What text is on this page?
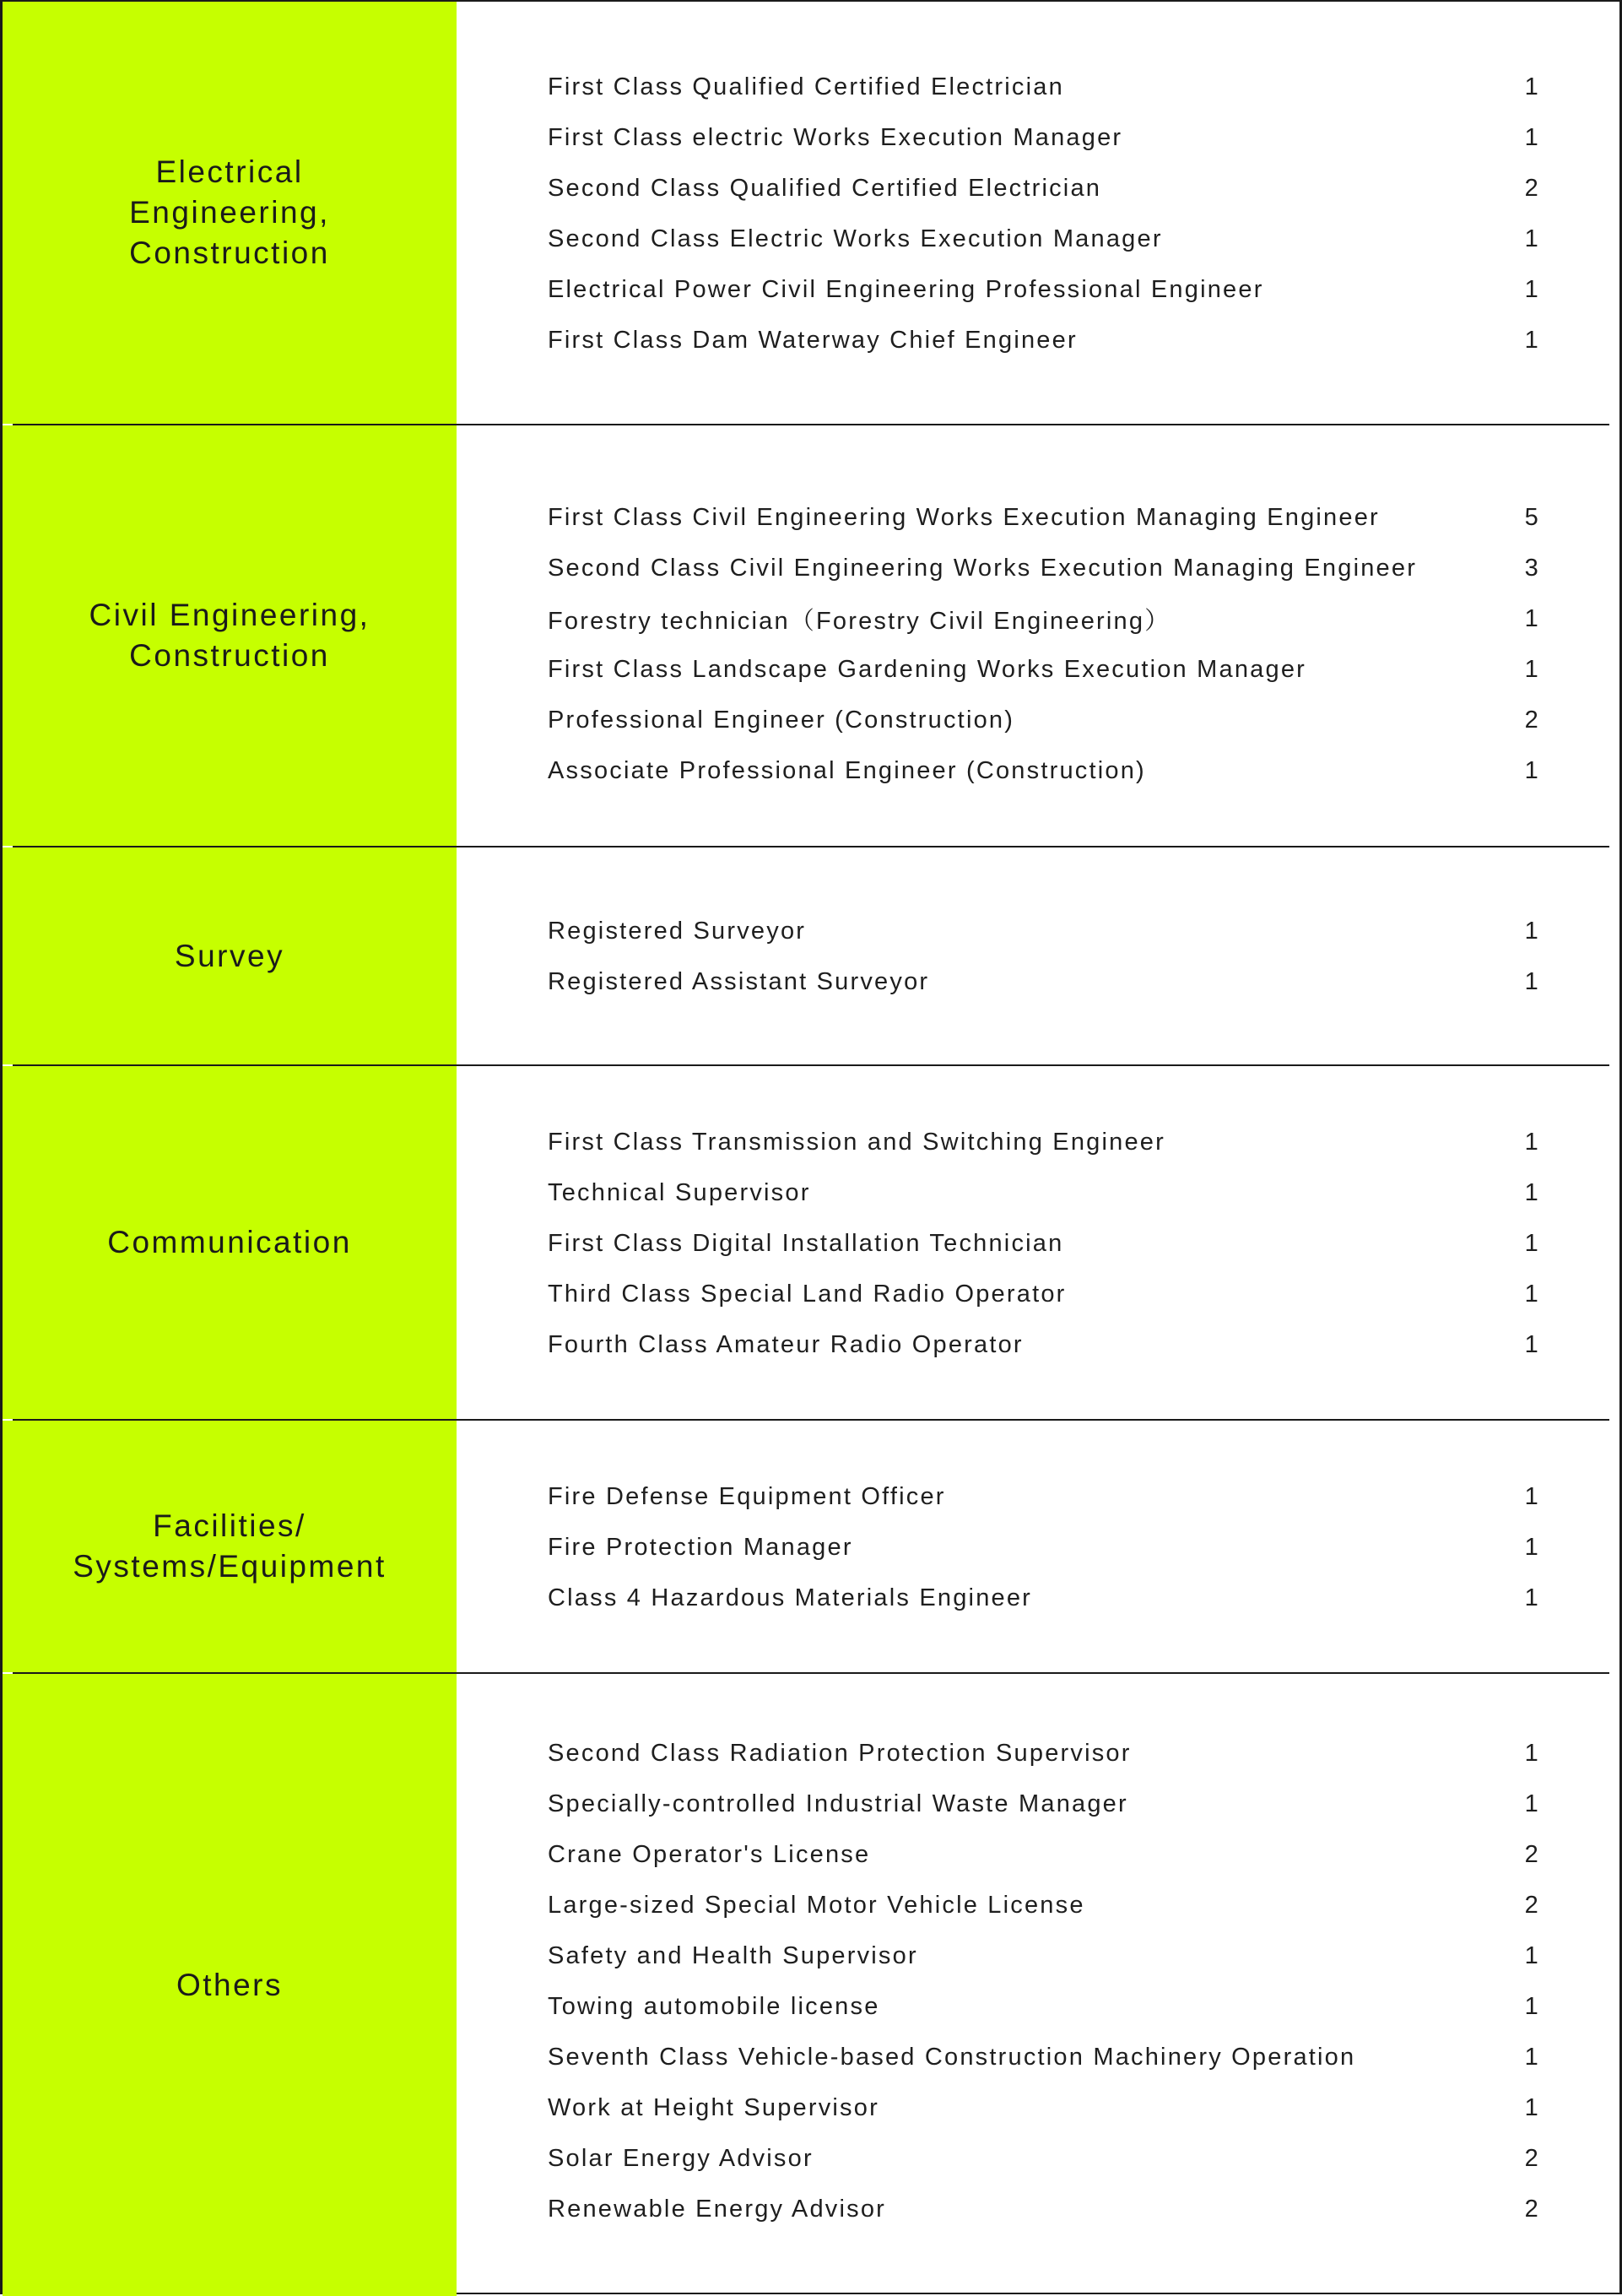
Electrical
Engineering,
Construction
First Class Qualified Certified Electrician	1
First Class electric Works Execution Manager	1
Second Class Qualified Certified Electrician	2
Second Class Electric Works Execution Manager	1
Electrical Power Civil Engineering Professional Engineer	1
First Class Dam Waterway Chief Engineer	1
Civil Engineering,
Construction
First Class Civil Engineering Works Execution Managing Engineer	5
Second Class Civil Engineering Works Execution Managing Engineer	3
Forestry technician（Forestry Civil Engineering）	1
First Class Landscape Gardening Works Execution Manager	1
Professional Engineer (Construction)	2
Associate Professional Engineer (Construction)	1
Survey
Registered Surveyor	1
Registered Assistant Surveyor	1
Communication
First Class Transmission and Switching Engineer	1
Technical Supervisor	1
First Class Digital Installation Technician	1
Third Class Special Land Radio Operator	1
Fourth Class Amateur Radio Operator	1
Facilities/
Systems/Equipment
Fire Defense Equipment Officer	1
Fire Protection Manager	1
Class 4 Hazardous Materials Engineer	1
Others
Second Class Radiation Protection Supervisor	1
Specially-controlled Industrial Waste Manager	1
Crane Operator's License	2
Large-sized Special Motor Vehicle License	2
Safety and Health Supervisor	1
Towing automobile license	1
Seventh Class Vehicle-based Construction Machinery Operation	1
Work at Height Supervisor	1
Solar Energy Advisor	2
Renewable Energy Advisor	2
